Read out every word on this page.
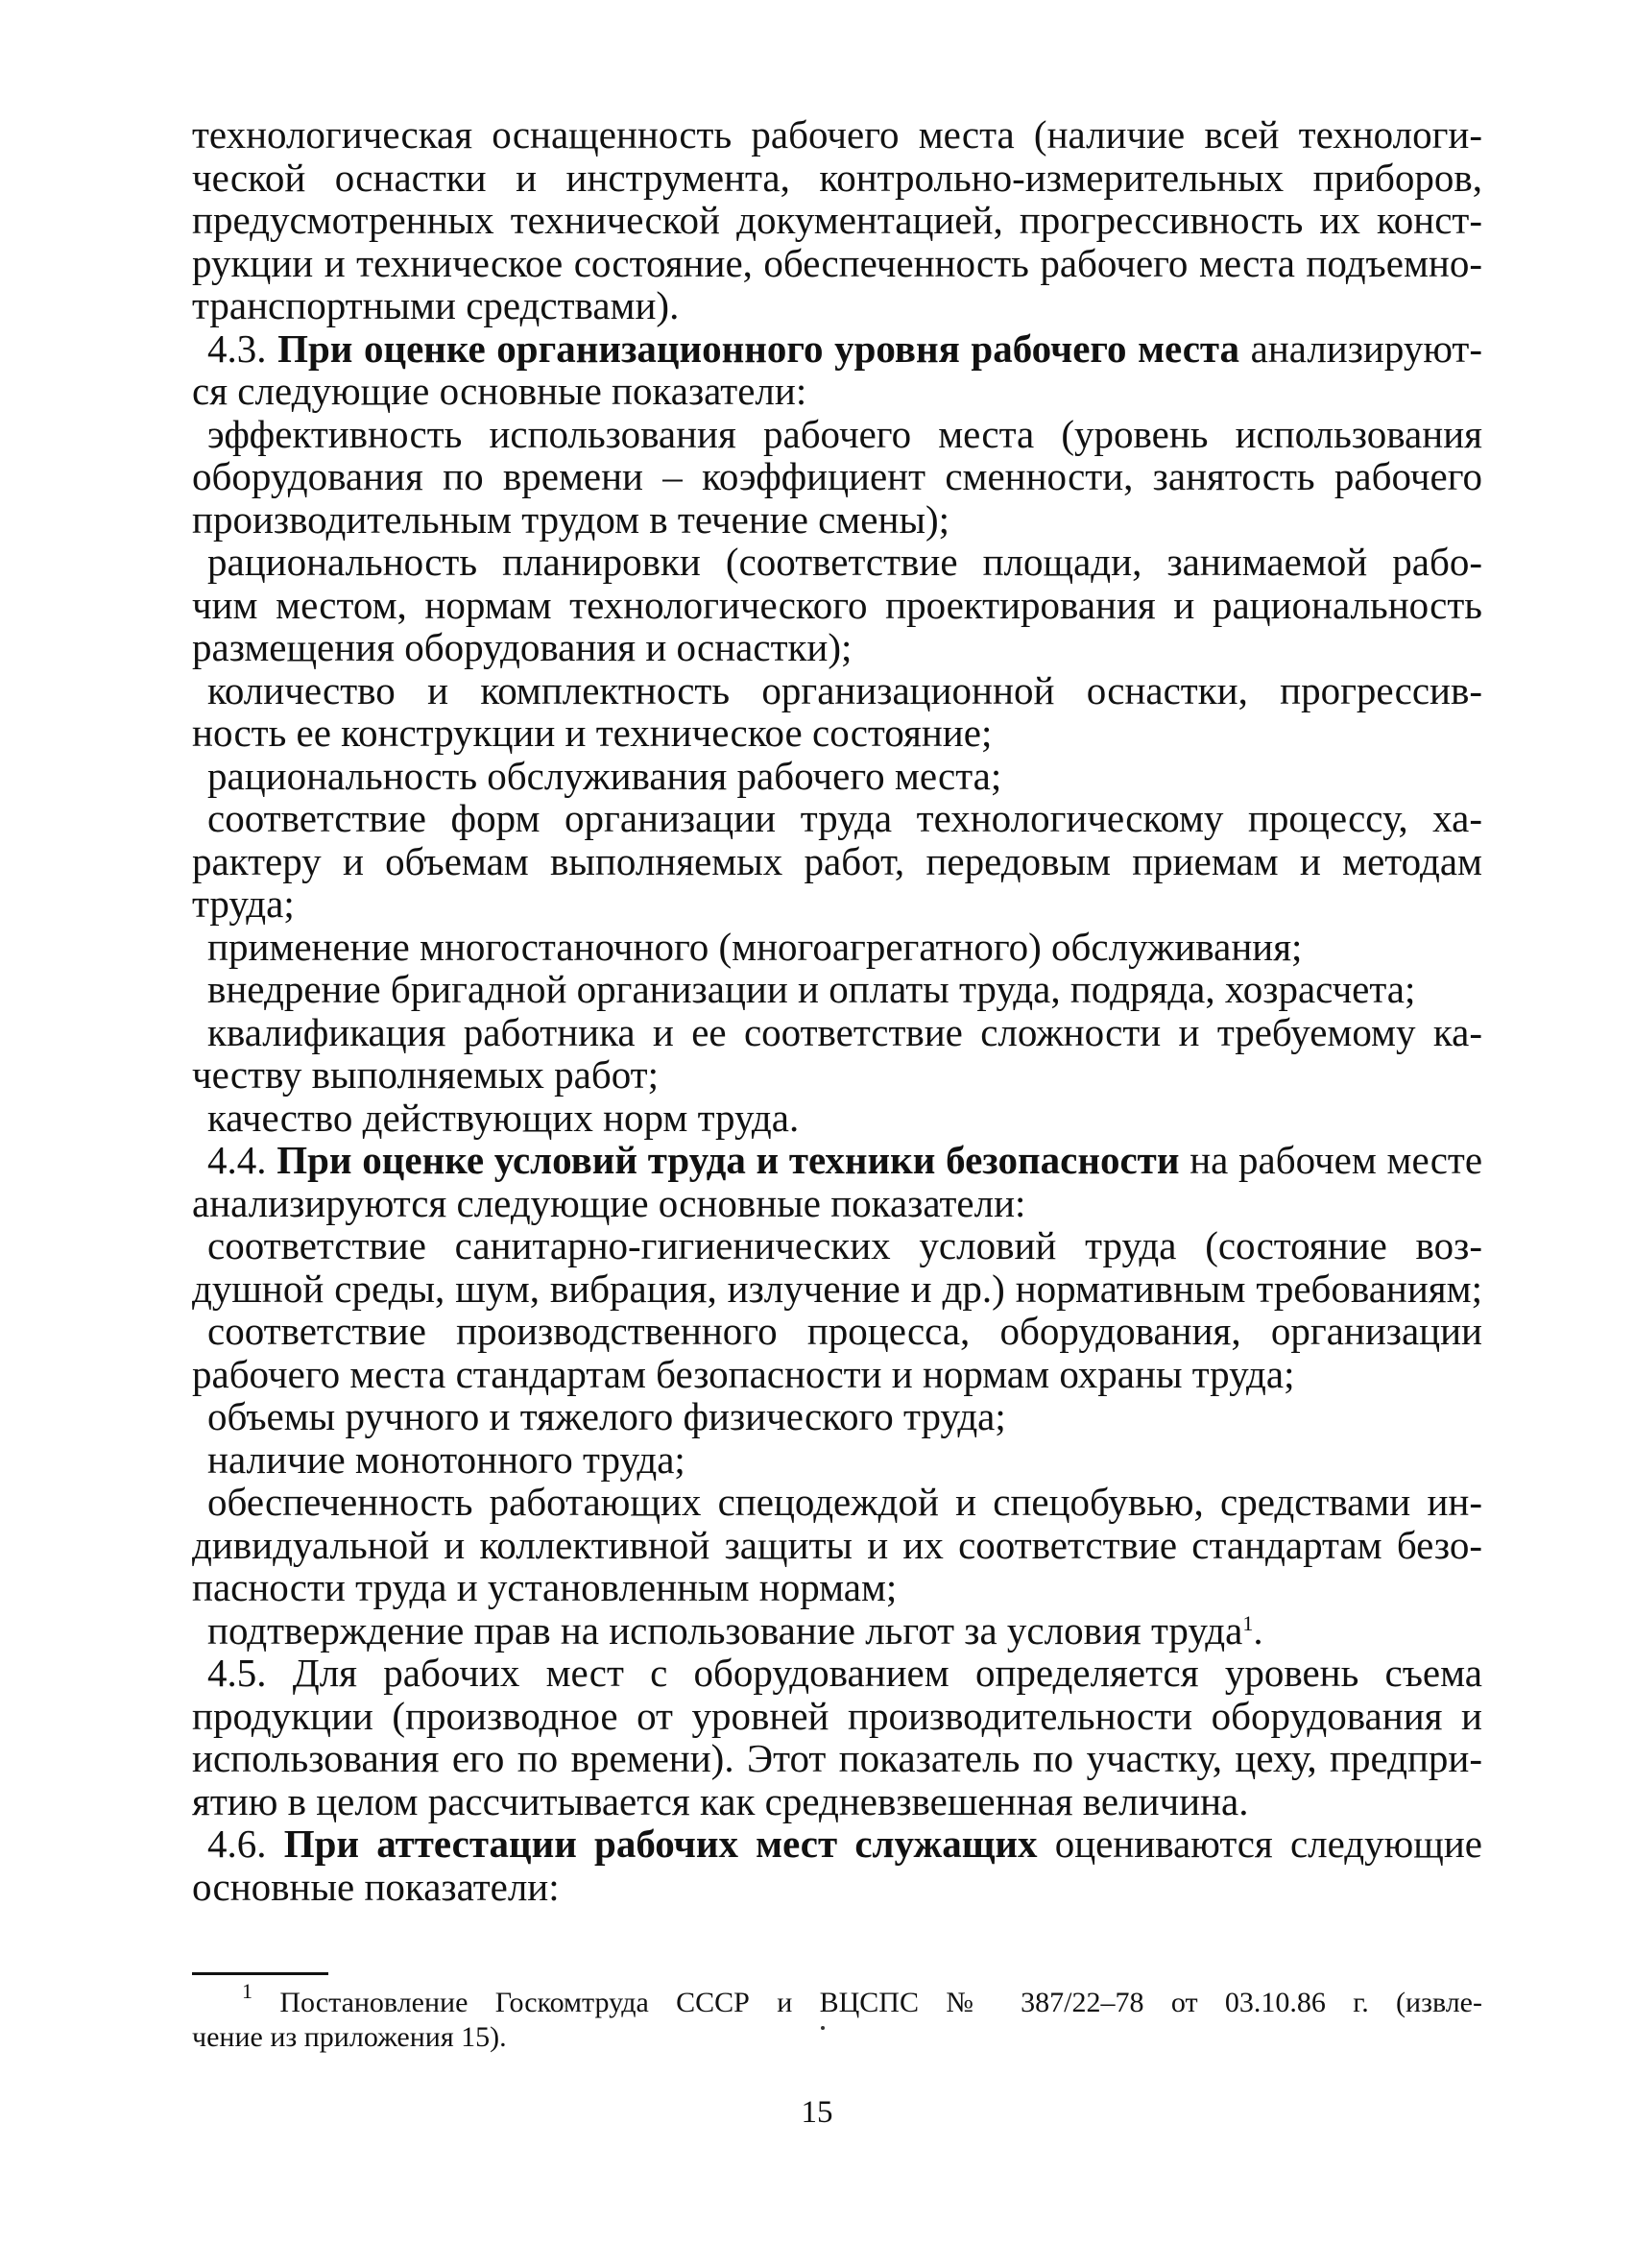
технологическая оснащенность рабочего места (наличие всей технологи-
ческой оснастки и инструмента, контрольно-измерительных приборов,
предусмотренных технической документацией, прогрессивность их конст-
рукции и техническое состояние, обеспеченность рабочего места подъемно-
транспортными средствами).
4.3. При оценке организационного уровня рабочего места анализируют-
ся следующие основные показатели:
эффективность использования рабочего места (уровень использования
оборудования по времени – коэффициент сменности, занятость рабочего
производительным трудом в течение смены);
рациональность планировки (соответствие площади, занимаемой рабо-
чим местом, нормам технологического проектирования и рациональность
размещения оборудования и оснастки);
количество и комплектность организационной оснастки, прогрессив-
ность ее конструкции и техническое состояние;
рациональность обслуживания рабочего места;
соответствие форм организации труда технологическому процессу, ха-
рактеру и объемам выполняемых работ, передовым приемам и методам
труда;
применение многостаночного (многоагрегатного) обслуживания;
внедрение бригадной организации и оплаты труда, подряда, хозрасчета;
квалификация работника и ее соответствие сложности и требуемому ка-
честву выполняемых работ;
качество действующих норм труда.
4.4. При оценке условий труда и техники безопасности на рабочем месте
анализируются следующие основные показатели:
соответствие санитарно-гигиенических условий труда (состояние воз-
душной среды, шум, вибрация, излучение и др.) нормативным требованиям;
соответствие производственного процесса, оборудования, организации
рабочего места стандартам безопасности и нормам охраны труда;
объемы ручного и тяжелого физического труда;
наличие монотонного труда;
обеспеченность работающих спецодеждой и спецобувью, средствами ин-
дивидуальной и коллективной защиты и их соответствие стандартам безо-
пасности труда и установленным нормам;
подтверждение прав на использование льгот за условия труда$^1$.
4.5. Для рабочих мест с оборудованием определяется уровень съема
продукции (производное от уровней производительности оборудования и
использования его по времени). Этот показатель по участку, цеху, предпри-
ятию в целом рассчитывается как средневзвешенная величина.
4.6. При аттестации рабочих мест служащих оцениваются следующие
основные показатели:
$^1$ Постановление Госкомтруда СССР и ВЦСПС № 387/22–78 от 03.10.86 г. (извле-
чение из приложения 15).
15
